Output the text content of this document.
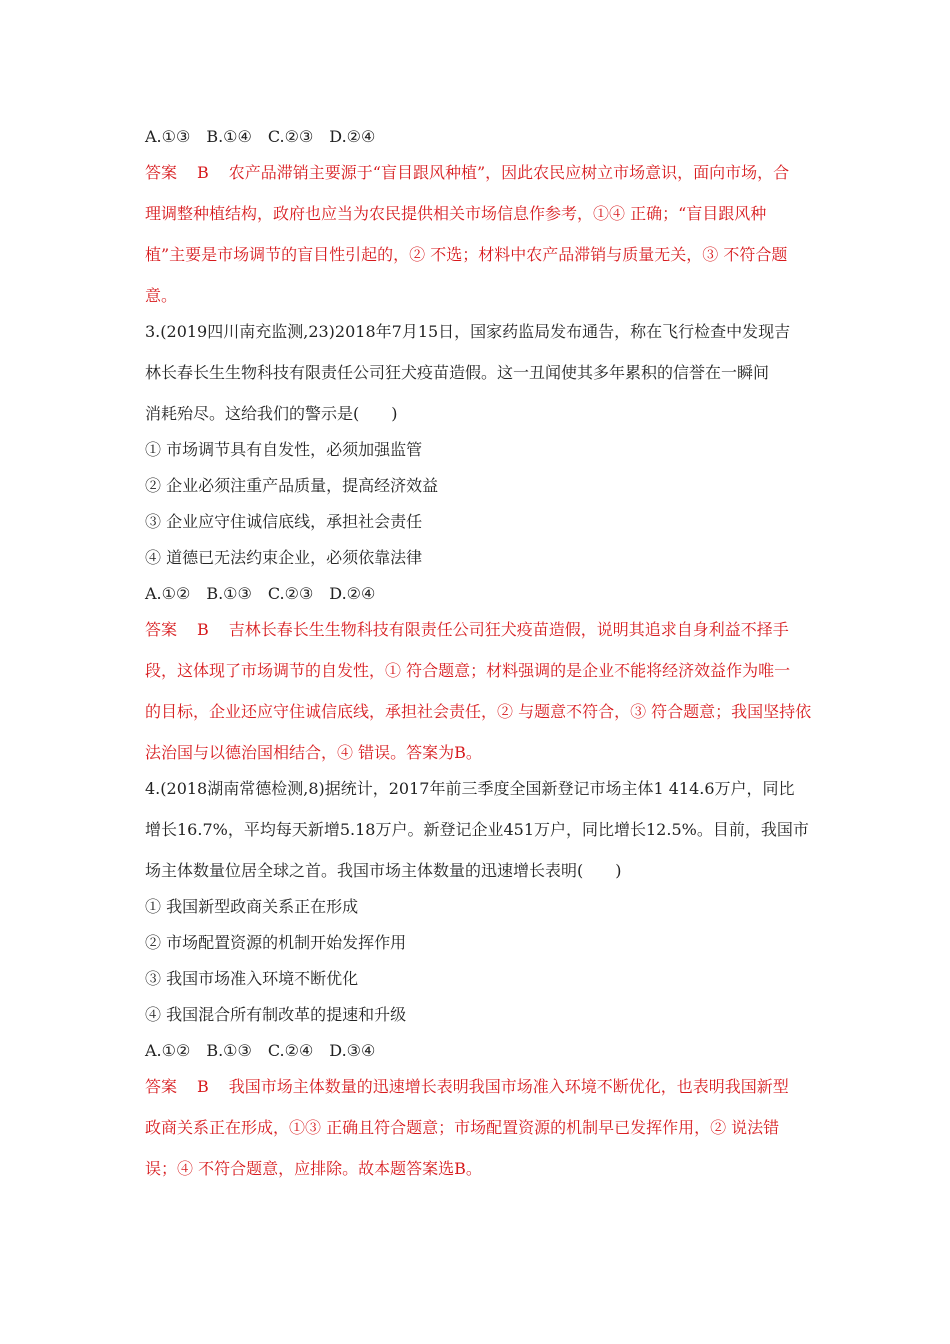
A.①③　B.①④　C.②③　D.②④
答案 B 农产品滞销主要源于“盲目跟风种植”，因此农民应树立市场意识，面向市场，合
理调整种植结构，政府也应当为农民提供相关市场信息作参考，①④ 正确；“盲目跟风种
植”主要是市场调节的盲目性引起的，② 不选；材料中农产品滞销与质量无关，③ 不符合题
意。
3.(2019四川南充监测,23)2018年7月15日，国家药监局发布通告，称在飞行检查中发现吉
林长春长生生物科技有限责任公司狂犬疫苗造假。这一丑闻使其多年累积的信誉在一瞬间
消耗殆尽。这给我们的警示是(　　)
① 市场调节具有自发性，必须加强监管
② 企业必须注重产品质量，提高经济效益
③ 企业应守住诚信底线，承担社会责任
④ 道德已无法约束企业，必须依靠法律
A.①②　B.①③　C.②③　D.②④
答案 B 吉林长春长生生物科技有限责任公司狂犬疫苗造假，说明其追求自身利益不择手
段，这体现了市场调节的自发性，① 符合题意；材料强调的是企业不能将经济效益作为唯一
的目标，企业还应守住诚信底线，承担社会责任，② 与题意不符合，③ 符合题意；我国坚持依
法治国与以德治国相结合，④ 错误。答案为B。
4.(2018湖南常德检测,8)据统计，2017年前三季度全国新登记市场主体1 414.6万户，同比
增长16.7%，平均每天新增5.18万户。新登记企业451万户，同比增长12.5%。目前，我国市
场主体数量位居全球之首。我国市场主体数量的迅速增长表明(　　)
① 我国新型政商关系正在形成
② 市场配置资源的机制开始发挥作用
③ 我国市场准入环境不断优化
④ 我国混合所有制改革的提速和升级
A.①②　B.①③　C.②④　D.③④
答案 B 我国市场主体数量的迅速增长表明我国市场准入环境不断优化，也表明我国新型
政商关系正在形成，①③ 正确且符合题意；市场配置资源的机制早已发挥作用，② 说法错
误；④ 不符合题意，应排除。故本题答案选B。
